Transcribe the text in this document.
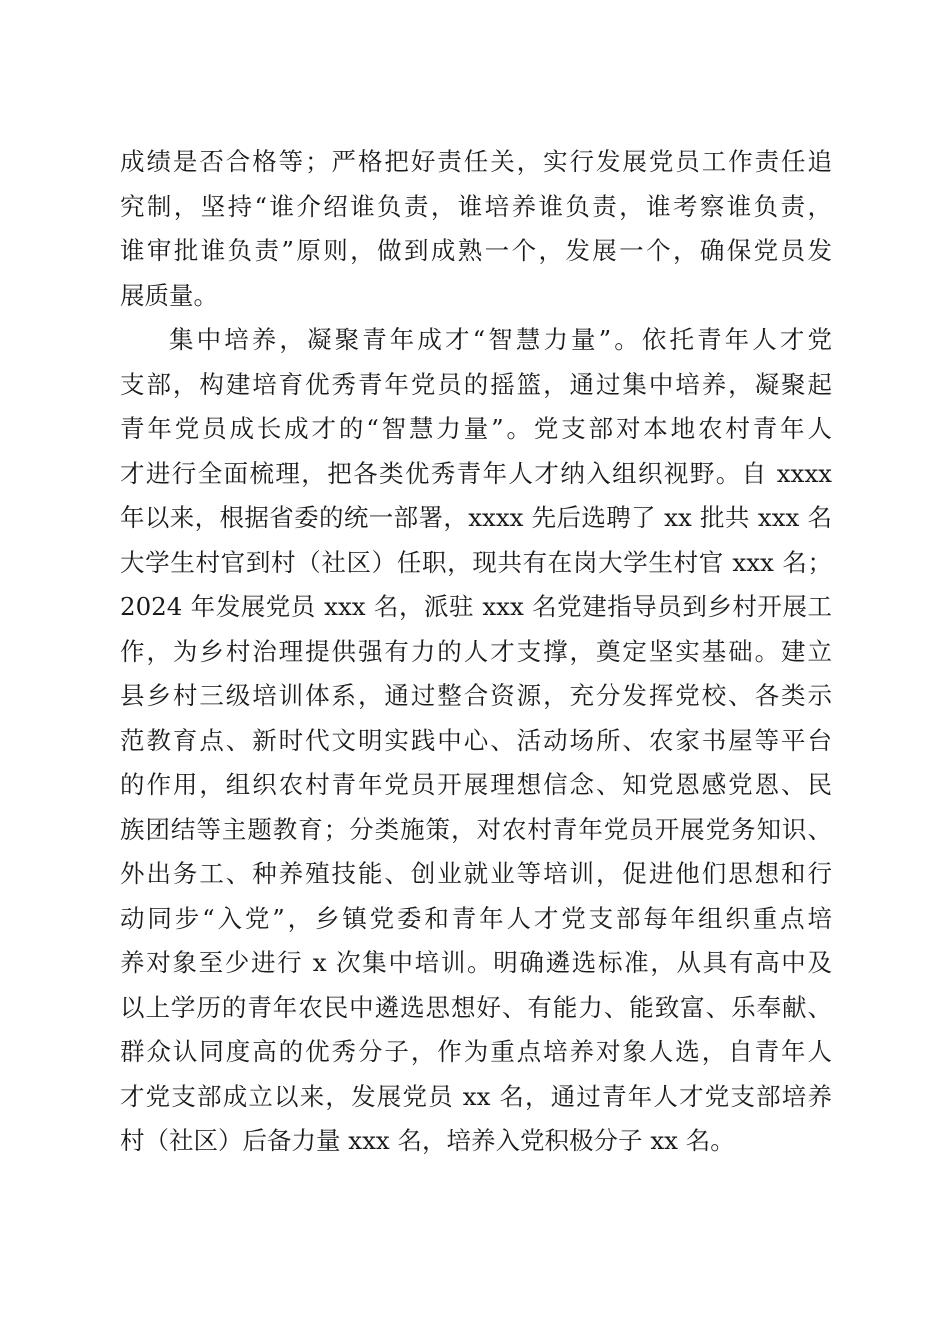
成绩是否合格等；严格把好责任关，实行发展党员工作责任追
究制，坚持“谁介绍谁负责，谁培养谁负责，谁考察谁负责，
谁审批谁负责”原则，做到成熟一个，发展一个，确保党员发
展质量。
集中培养，凝聚青年成才“智慧力量”。依托青年人才党
支部，构建培育优秀青年党员的摇篮，通过集中培养，凝聚起
青年党员成长成才的“智慧力量”。党支部对本地农村青年人
才进行全面梳理，把各类优秀青年人才纳入组织视野。自 xxxx
年以来，根据省委的统一部署，xxxx 先后选聘了 xx 批共 xxx 名
大学生村官到村（社区）任职，现共有在岗大学生村官 xxx 名；
2024 年发展党员 xxx 名，派驻 xxx 名党建指导员到乡村开展工
作，为乡村治理提供强有力的人才支撑，奠定坚实基础。建立
县乡村三级培训体系，通过整合资源，充分发挥党校、各类示
范教育点、新时代文明实践中心、活动场所、农家书屋等平台
的作用，组织农村青年党员开展理想信念、知党恩感党恩、民
族团结等主题教育；分类施策，对农村青年党员开展党务知识、
外出务工、种养殖技能、创业就业等培训，促进他们思想和行
动同步“入党”，乡镇党委和青年人才党支部每年组织重点培
养对象至少进行 x 次集中培训。明确遴选标准，从具有高中及
以上学历的青年农民中遴选思想好、有能力、能致富、乐奉献、
群众认同度高的优秀分子，作为重点培养对象人选，自青年人
才党支部成立以来，发展党员 xx 名，通过青年人才党支部培养
村（社区）后备力量 xxx 名，培养入党积极分子 xx 名。
